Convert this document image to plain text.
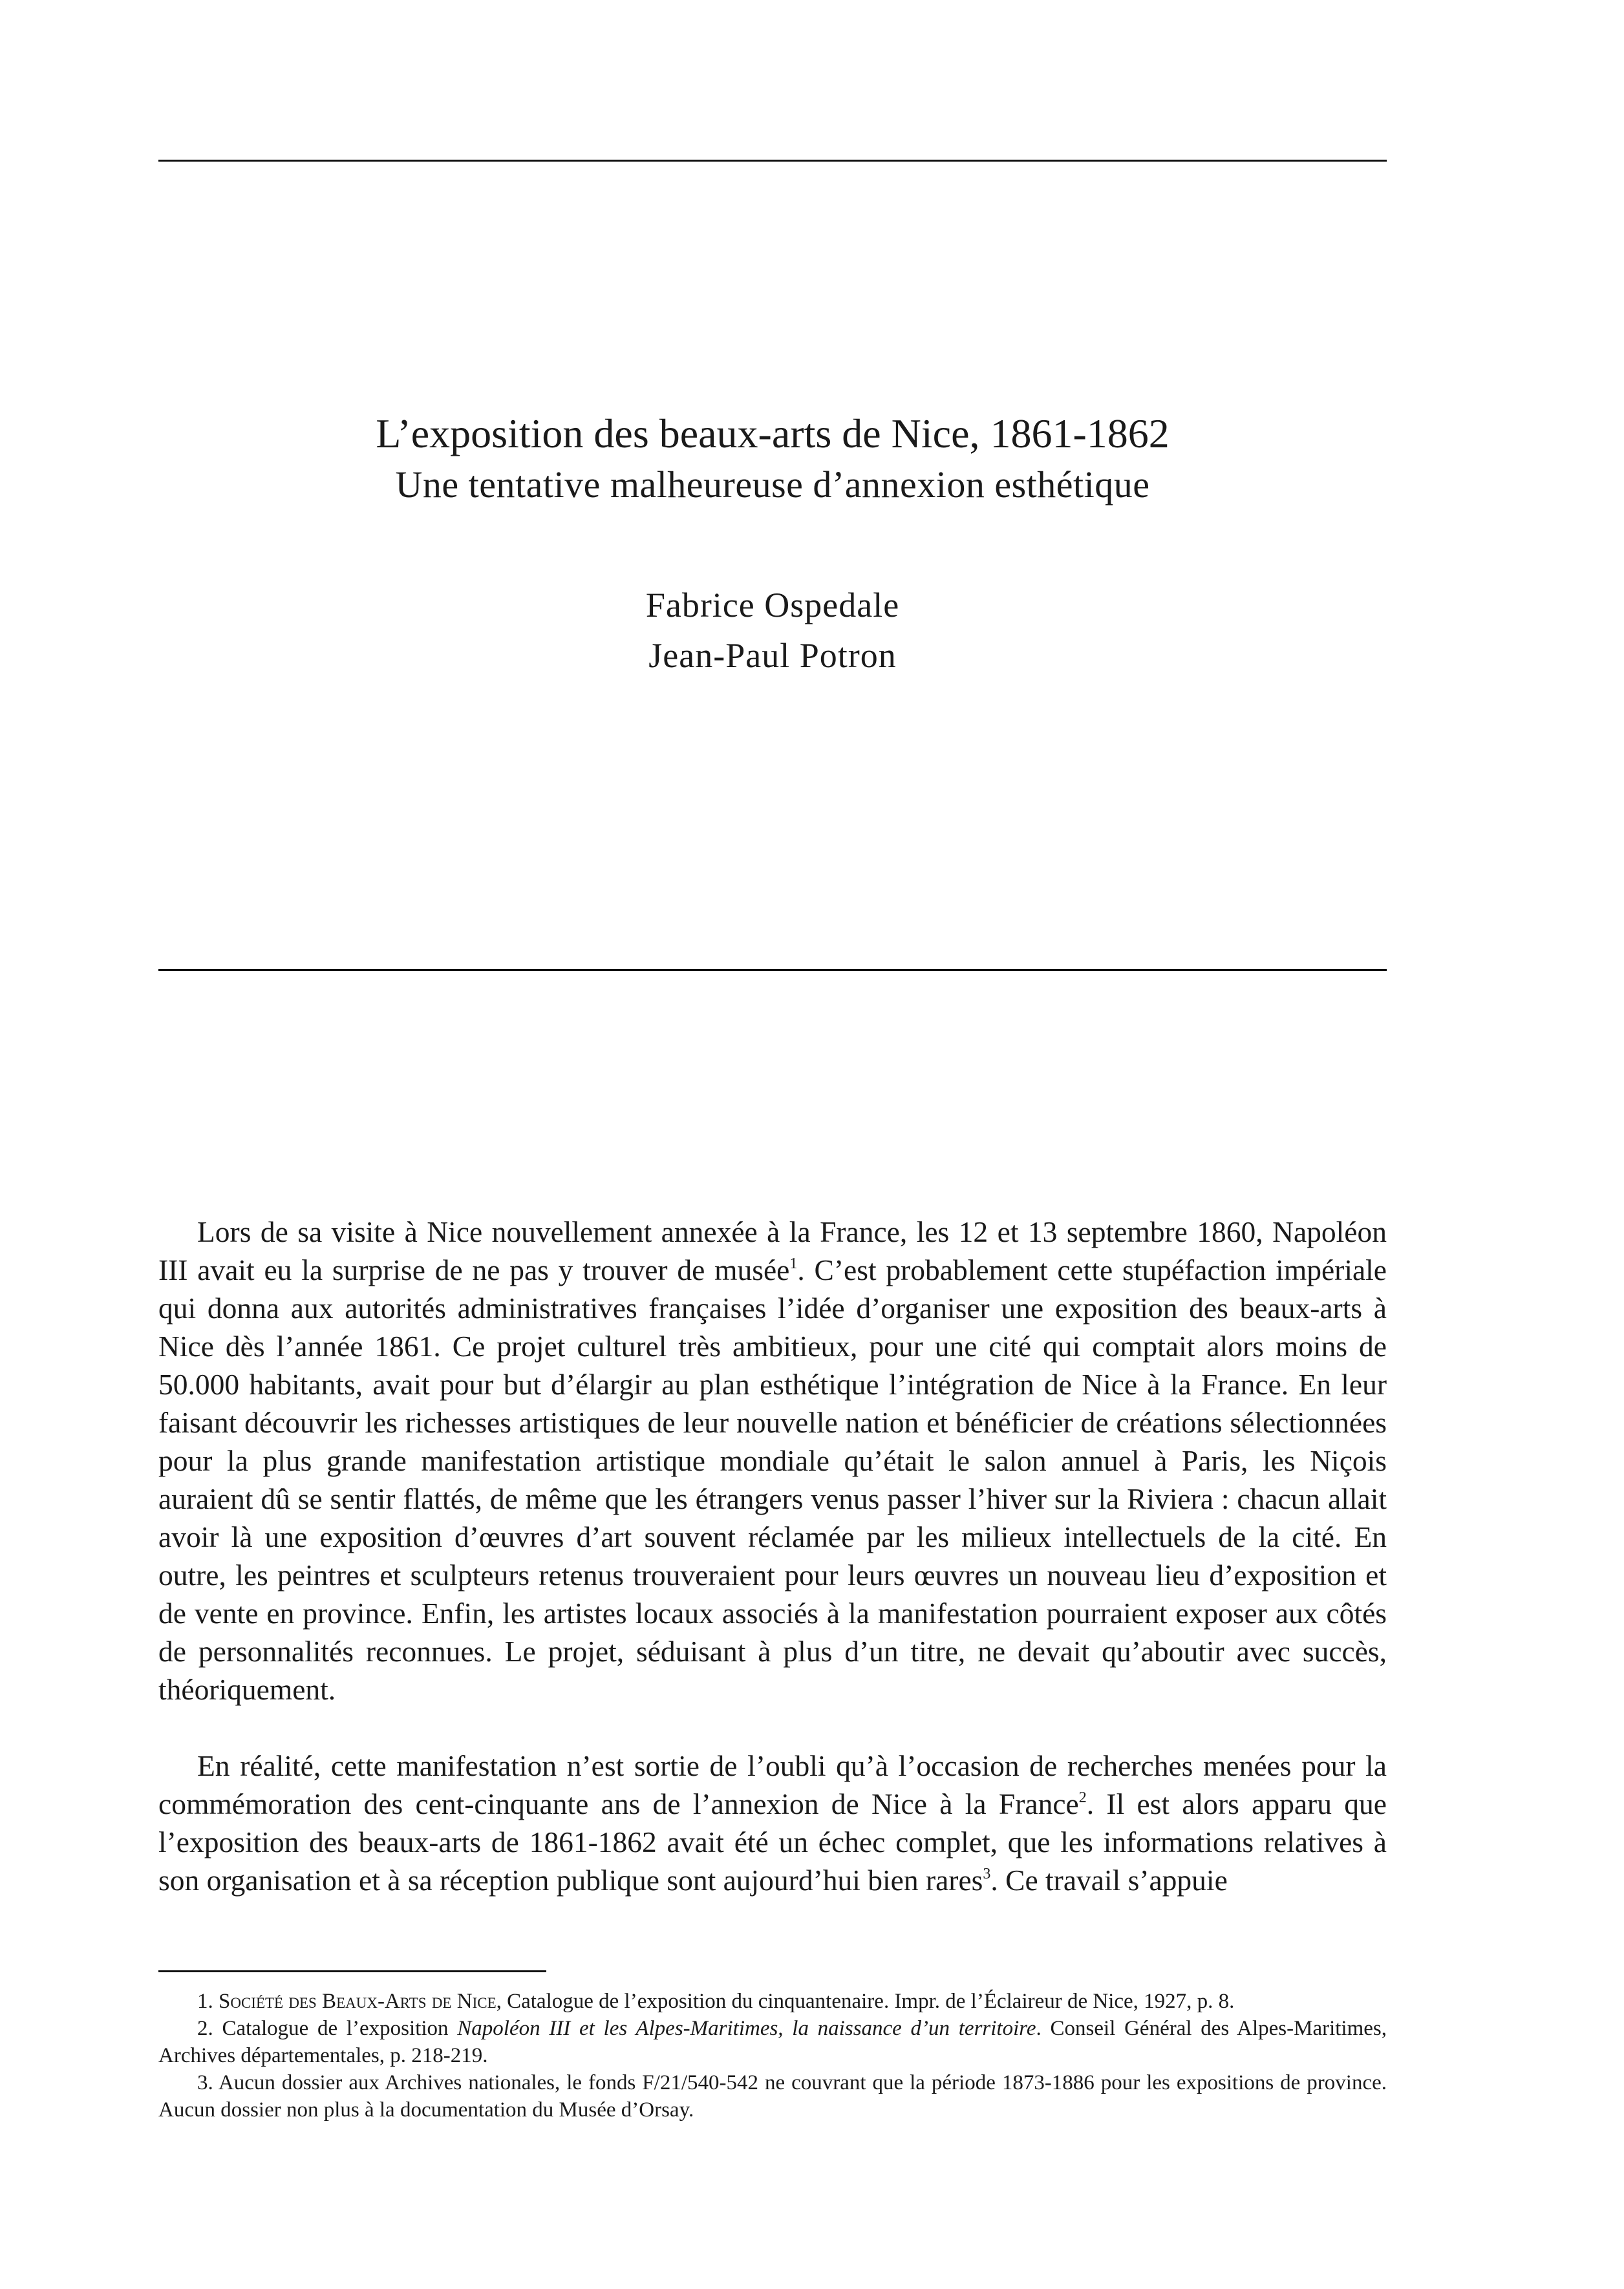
L’exposition des beaux-arts de Nice, 1861-1862
Une tentative malheureuse d’annexion esthétique
Fabrice Ospedale
Jean-Paul Potron

Lors de sa visite à Nice nouvellement annexée à la France, les 12 et 13 septembre 1860, Napoléon III avait eu la surprise de ne pas y trouver de musée$^1$. C’est probablement cette stupéfaction impériale qui donna aux autorités administratives françaises l’idée d’organiser une exposition des beaux-arts à Nice dès l’année 1861. Ce projet culturel très ambitieux, pour une cité qui comptait alors moins de 50.000 habitants, avait pour but d’élargir au plan esthétique l’intégration de Nice à la France. En leur faisant découvrir les richesses artistiques de leur nouvelle nation et bénéficier de créations sélectionnées pour la plus grande manifestation artistique mondiale qu’était le salon annuel à Paris, les Niçois auraient dû se sentir flattés, de même que les étrangers venus passer l’hiver sur la Riviera : chacun allait avoir là une exposition d’œuvres d’art souvent réclamée par les milieux intellectuels de la cité. En outre, les peintres et sculpteurs retenus trouveraient pour leurs œuvres un nouveau lieu d’exposition et de vente en province. Enfin, les artistes locaux associés à la manifestation pourraient exposer aux côtés de personnalités reconnues. Le projet, séduisant à plus d’un titre, ne devait qu’aboutir avec succès, théoriquement.

En réalité, cette manifestation n’est sortie de l’oubli qu’à l’occasion de recherches menées pour la commémoration des cent-cinquante ans de l’annexion de Nice à la France$^2$. Il est alors apparu que l’exposition des beaux-arts de 1861-1862 avait été un échec complet, que les informations relatives à son organisation et à sa réception publique sont aujourd’hui bien rares$^3$. Ce travail s’appuie

1. Société des Beaux-Arts de Nice, Catalogue de l’exposition du cinquantenaire. Impr. de l’Éclaireur de Nice, 1927, p. 8.

2. Catalogue de l’exposition Napoléon III et les Alpes-Maritimes, la naissance d’un territoire. Conseil Général des Alpes-Maritimes, Archives départementales, p. 218-219.

3. Aucun dossier aux Archives nationales, le fonds F/21/540-542 ne couvrant que la période 1873-1886 pour les expositions de province. Aucun dossier non plus à la documentation du Musée d’Orsay.
